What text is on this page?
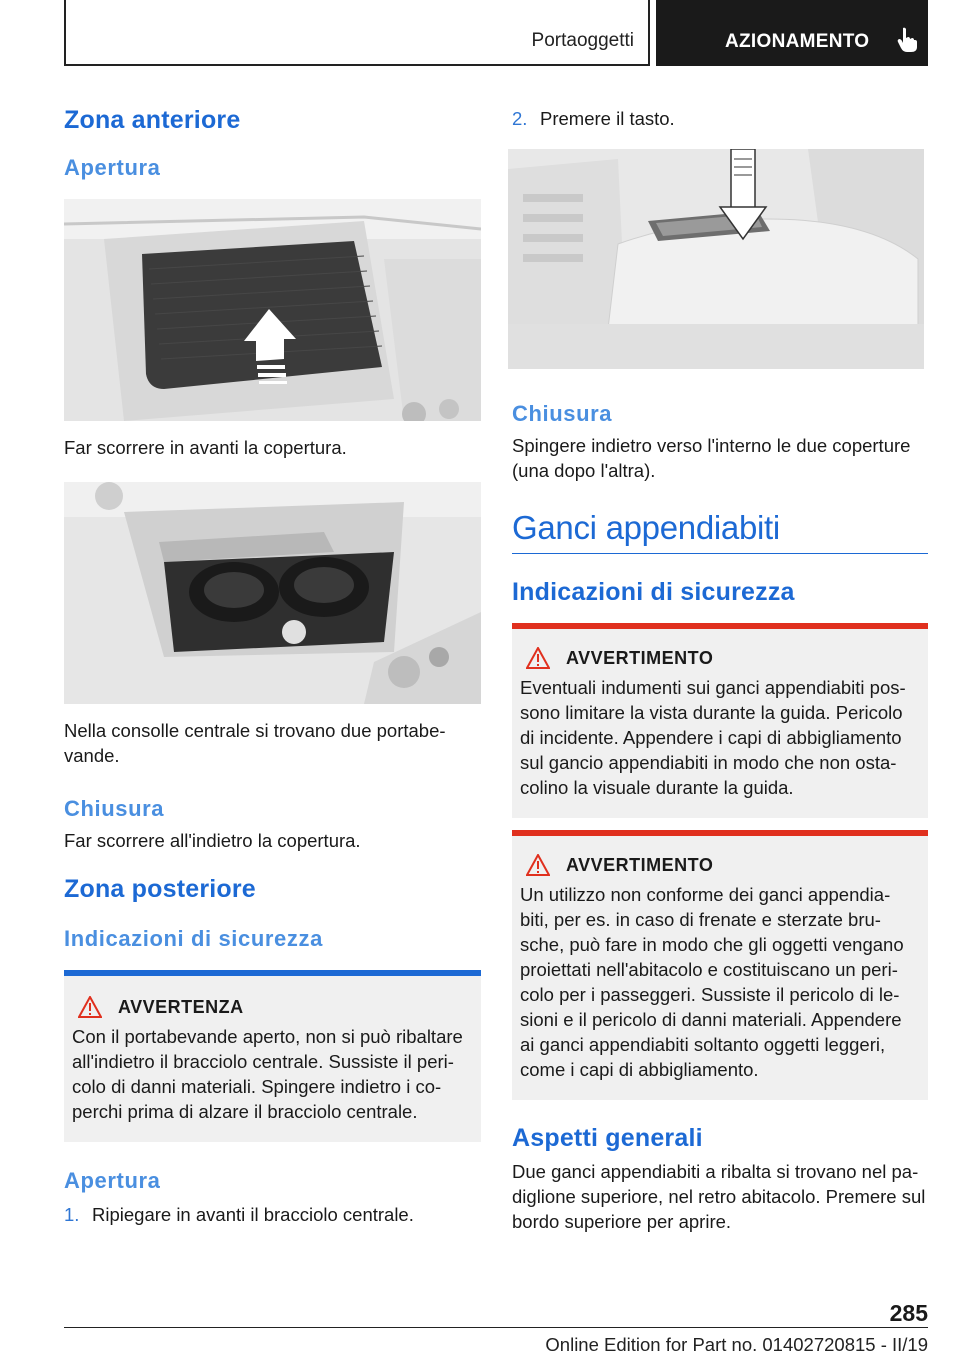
Portaoggetti	AZIONAMENTO
Zona anteriore
Apertura

Far scorrere in avanti la copertura.

Nella consolle centrale si trovano due portabe-
vande.

Chiusura

Far scorrere all'indietro la copertura.

Zona posteriore
Indicazioni di sicurezza
AVVERTENZA

Con il portabevande aperto, non si può ribaltare all'indietro il bracciolo centrale. Sussiste il peri-
colo di danni materiali. Spingere indietro i co-
perchi prima di alzare il bracciolo centrale.

Apertura
1. Ripiegare in avanti il bracciolo centrale.
2. Premere il tasto.
Chiusura

Spingere indietro verso l'interno le due coperture (una dopo l'altra).

Ganci appendiabiti
Indicazioni di sicurezza
AVVERTIMENTO

Eventuali indumenti sui ganci appendiabiti pos-
sono limitare la vista durante la guida. Pericolo di incidente. Appendere i capi di abbigliamento sul gancio appendiabiti in modo che non osta-
colino la visuale durante la guida.

AVVERTIMENTO

Un utilizzo non conforme dei ganci appendia-
biti, per es. in caso di frenate e sterzate bru-
sche, può fare in modo che gli oggetti vengano proiettati nell'abitacolo e costituiscano un peri-
colo per i passeggeri. Sussiste il pericolo di le-
sioni e il pericolo di danni materiali. Appendere ai ganci appendiabiti soltanto oggetti leggeri, come i capi di abbigliamento.

Aspetti generali

Due ganci appendiabiti a ribalta si trovano nel pa-
diglione superiore, nel retro abitacolo. Premere sul bordo superiore per aprire.

285
Online Edition for Part no. 01402720815 - II/19
